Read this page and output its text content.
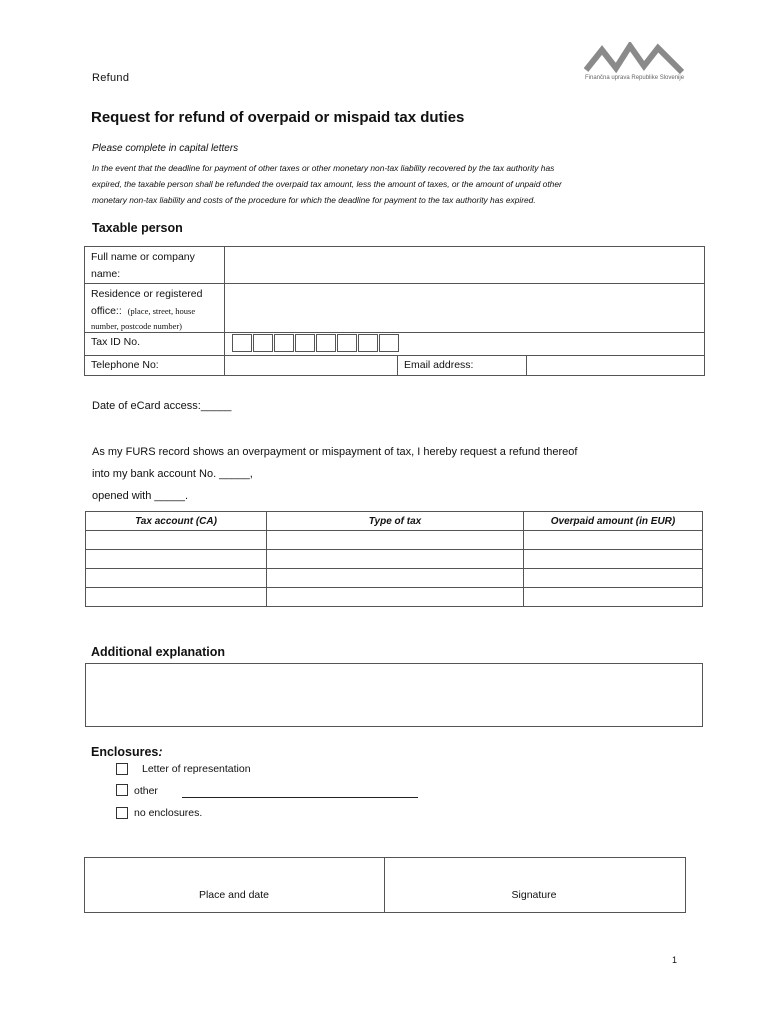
Refund	Finančna uprava Republike Slovenije
Request for refund of overpaid or mispaid tax duties
Please complete in capital letters
In the event that the deadline for payment of other taxes or other monetary non-tax liability recovered by the tax authority has
expired, the taxable person shall be refunded the overpaid tax amount, less the amount of taxes, or the amount of unpaid other
monetary non-tax liability and costs of the procedure for which the deadline for payment to the tax authority has expired.
Taxable person
Full name or company
name:			

Residence or registered
office:: (place, street, house
number, postcode number)			

Tax ID No.			
Telephone No:		Email address:	
Date of eCard access:_____
As my FURS record shows an overpayment or mispayment of tax, I hereby request a refund thereof
into my bank account No. _____,
opened with _____.
Tax account (CA)	Type of tax	Overpaid amount (in EUR)

Additional explanation
Enclosures:
Letter of representation
other
no enclosures.
Place and date	Signature
1
